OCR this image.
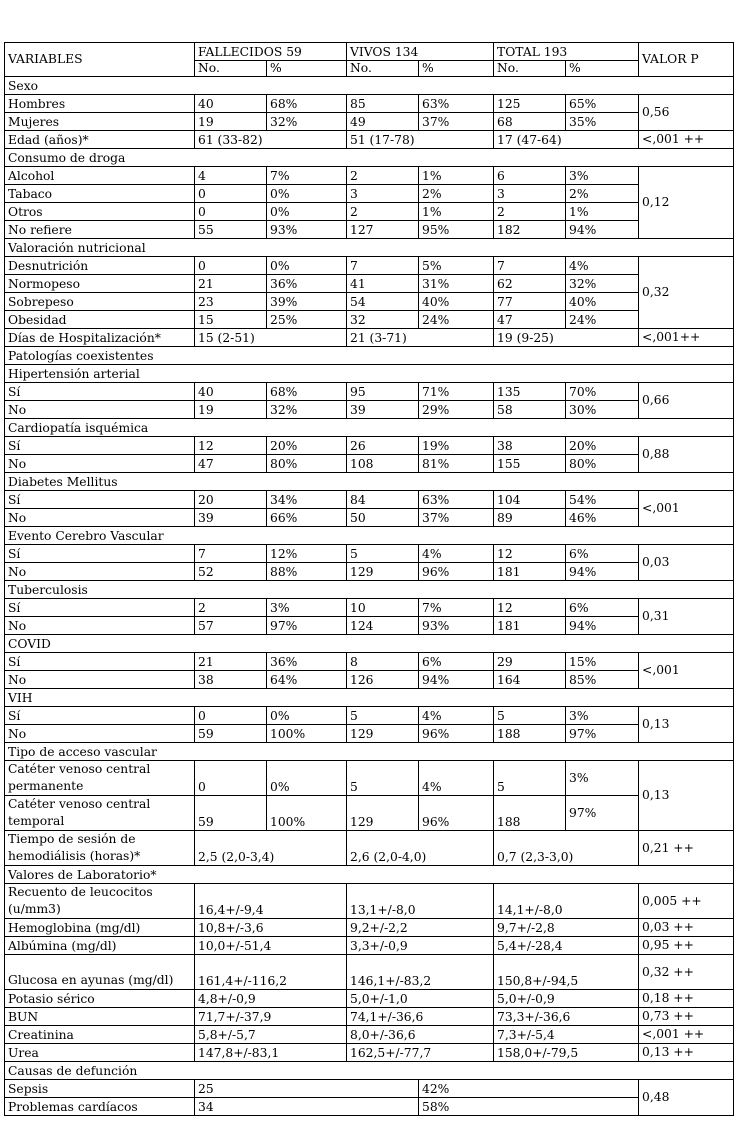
VARIABLES	FALLECIDOS 59		VIVOS 134		TOTAL 193		VALOR P
	No.	%	No.	%	No.	%	
Sexo							
Hombres	40	68%	85	63%	125	65%	0,56
Mujeres	19	32%	49	37%	68	35%	
Edad (años)*	61 (33-82)		51 (17-78)		17 (47-64)		<,001 ++
Consumo de droga							
Alcohol	4	7%	2	1%	6	3%	0,12
Tabaco	0	0%	3	2%	3	2%	
Otros	0	0%	2	1%	2	1%	
No refiere	55	93%	127	95%	182	94%	
Valoración nutricional							
Desnutrición	0	0%	7	5%	7	4%	0,32
Normopeso	21	36%	41	31%	62	32%	
Sobrepeso	23	39%	54	40%	77	40%	
Obesidad	15	25%	32	24%	47	24%	
Días de Hospitalización*	15 (2-51)		21 (3-71)		19 (9-25)		<,001++
Patologías coexistentes							
Hipertensión arterial							
Sí	40	68%	95	71%	135	70%	0,66
No	19	32%	39	29%	58	30%	
Cardiopatía isquémica							
Sí	12	20%	26	19%	38	20%	0,88
No	47	80%	108	81%	155	80%	
Diabetes Mellitus							
Sí	20	34%	84	63%	104	54%	<,001
No	39	66%	50	37%	89	46%	
Evento Cerebro Vascular							
Sí	7	12%	5	4%	12	6%	0,03
No	52	88%	129	96%	181	94%	
Tuberculosis							
Sí	2	3%	10	7%	12	6%	0,31
No	57	97%	124	93%	181	94%	
COVID							
Sí	21	36%	8	6%	29	15%	<,001
No	38	64%	126	94%	164	85%	
VIH							
Sí	0	0%	5	4%	5	3%	0,13
No	59	100%	129	96%	188	97%	
Tipo de acceso vascular							
Catéter venoso central permanente	0	0%	5	4%	5	3%	0,13
Catéter venoso central temporal	59	100%	129	96%	188	97%	
Tiempo de sesión de hemodiálisis (horas)*	2,5 (2,0-3,4)		2,6 (2,0-4,0)		0,7 (2,3-3,0)		0,21 ++
Valores de Laboratorio*							
Recuento de leucocitos (u/mm3)	16,4+/-9,4		13,1+/-8,0		14,1+/-8,0		0,005 ++
Hemoglobina (mg/dl)	10,8+/-3,6		9,2+/-2,2		9,7+/-2,8		0,03 ++
Albúmina (mg/dl)	10,0+/-51,4		3,3+/-0,9		5,4+/-28,4		0,95 ++
Glucosa en ayunas (mg/dl)	161,4+/-116,2		146,1+/-83,2		150,8+/-94,5		0,32 ++
Potasio sérico	4,8+/-0,9		5,0+/-1,0		5,0+/-0,9		0,18 ++
BUN	71,7+/-37,9		74,1+/-36,6		73,3+/-36,6		0,73 ++
Creatinina	5,8+/-5,7		8,0+/-36,6		7,3+/-5,4		<,001 ++
Urea	147,8+/-83,1		162,5+/-77,7		158,0+/-79,5		0,13 ++
Causas de defunción							
Sepsis	25			42%			0,48
Problemas cardíacos	34			58%			
